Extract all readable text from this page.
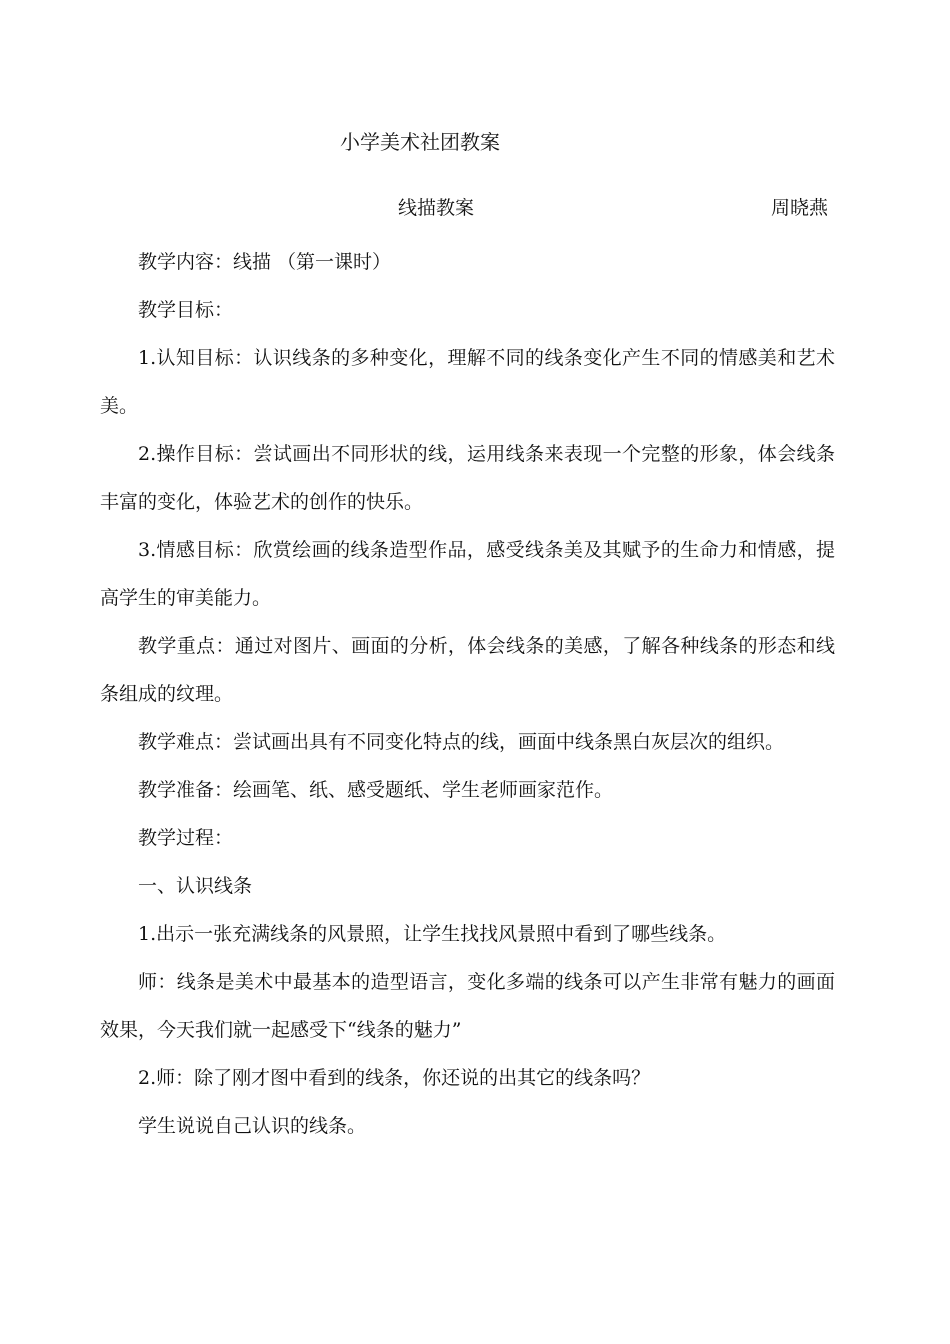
小学美术社团教案
线描教案	周晓燕

教学内容：线描 （第一课时）

教学目标：

1.认知目标：认识线条的多种变化，理解不同的线条变化产生不同的情感美和艺术美。

2.操作目标：尝试画出不同形状的线，运用线条来表现一个完整的形象，体会线条丰富的变化，体验艺术的创作的快乐。

3.情感目标：欣赏绘画的线条造型作品，感受线条美及其赋予的生命力和情感，提高学生的审美能力。

教学重点：通过对图片、画面的分析，体会线条的美感，了解各种线条的形态和线条组成的纹理。

教学难点：尝试画出具有不同变化特点的线，画面中线条黑白灰层次的组织。

教学准备：绘画笔、纸、感受题纸、学生老师画家范作。

教学过程：

一、认识线条

1.出示一张充满线条的风景照，让学生找找风景照中看到了哪些线条。

师：线条是美术中最基本的造型语言，变化多端的线条可以产生非常有魅力的画面效果，今天我们就一起感受下“线条的魅力”

2.师：除了刚才图中看到的线条，你还说的出其它的线条吗？

学生说说自己认识的线条。
